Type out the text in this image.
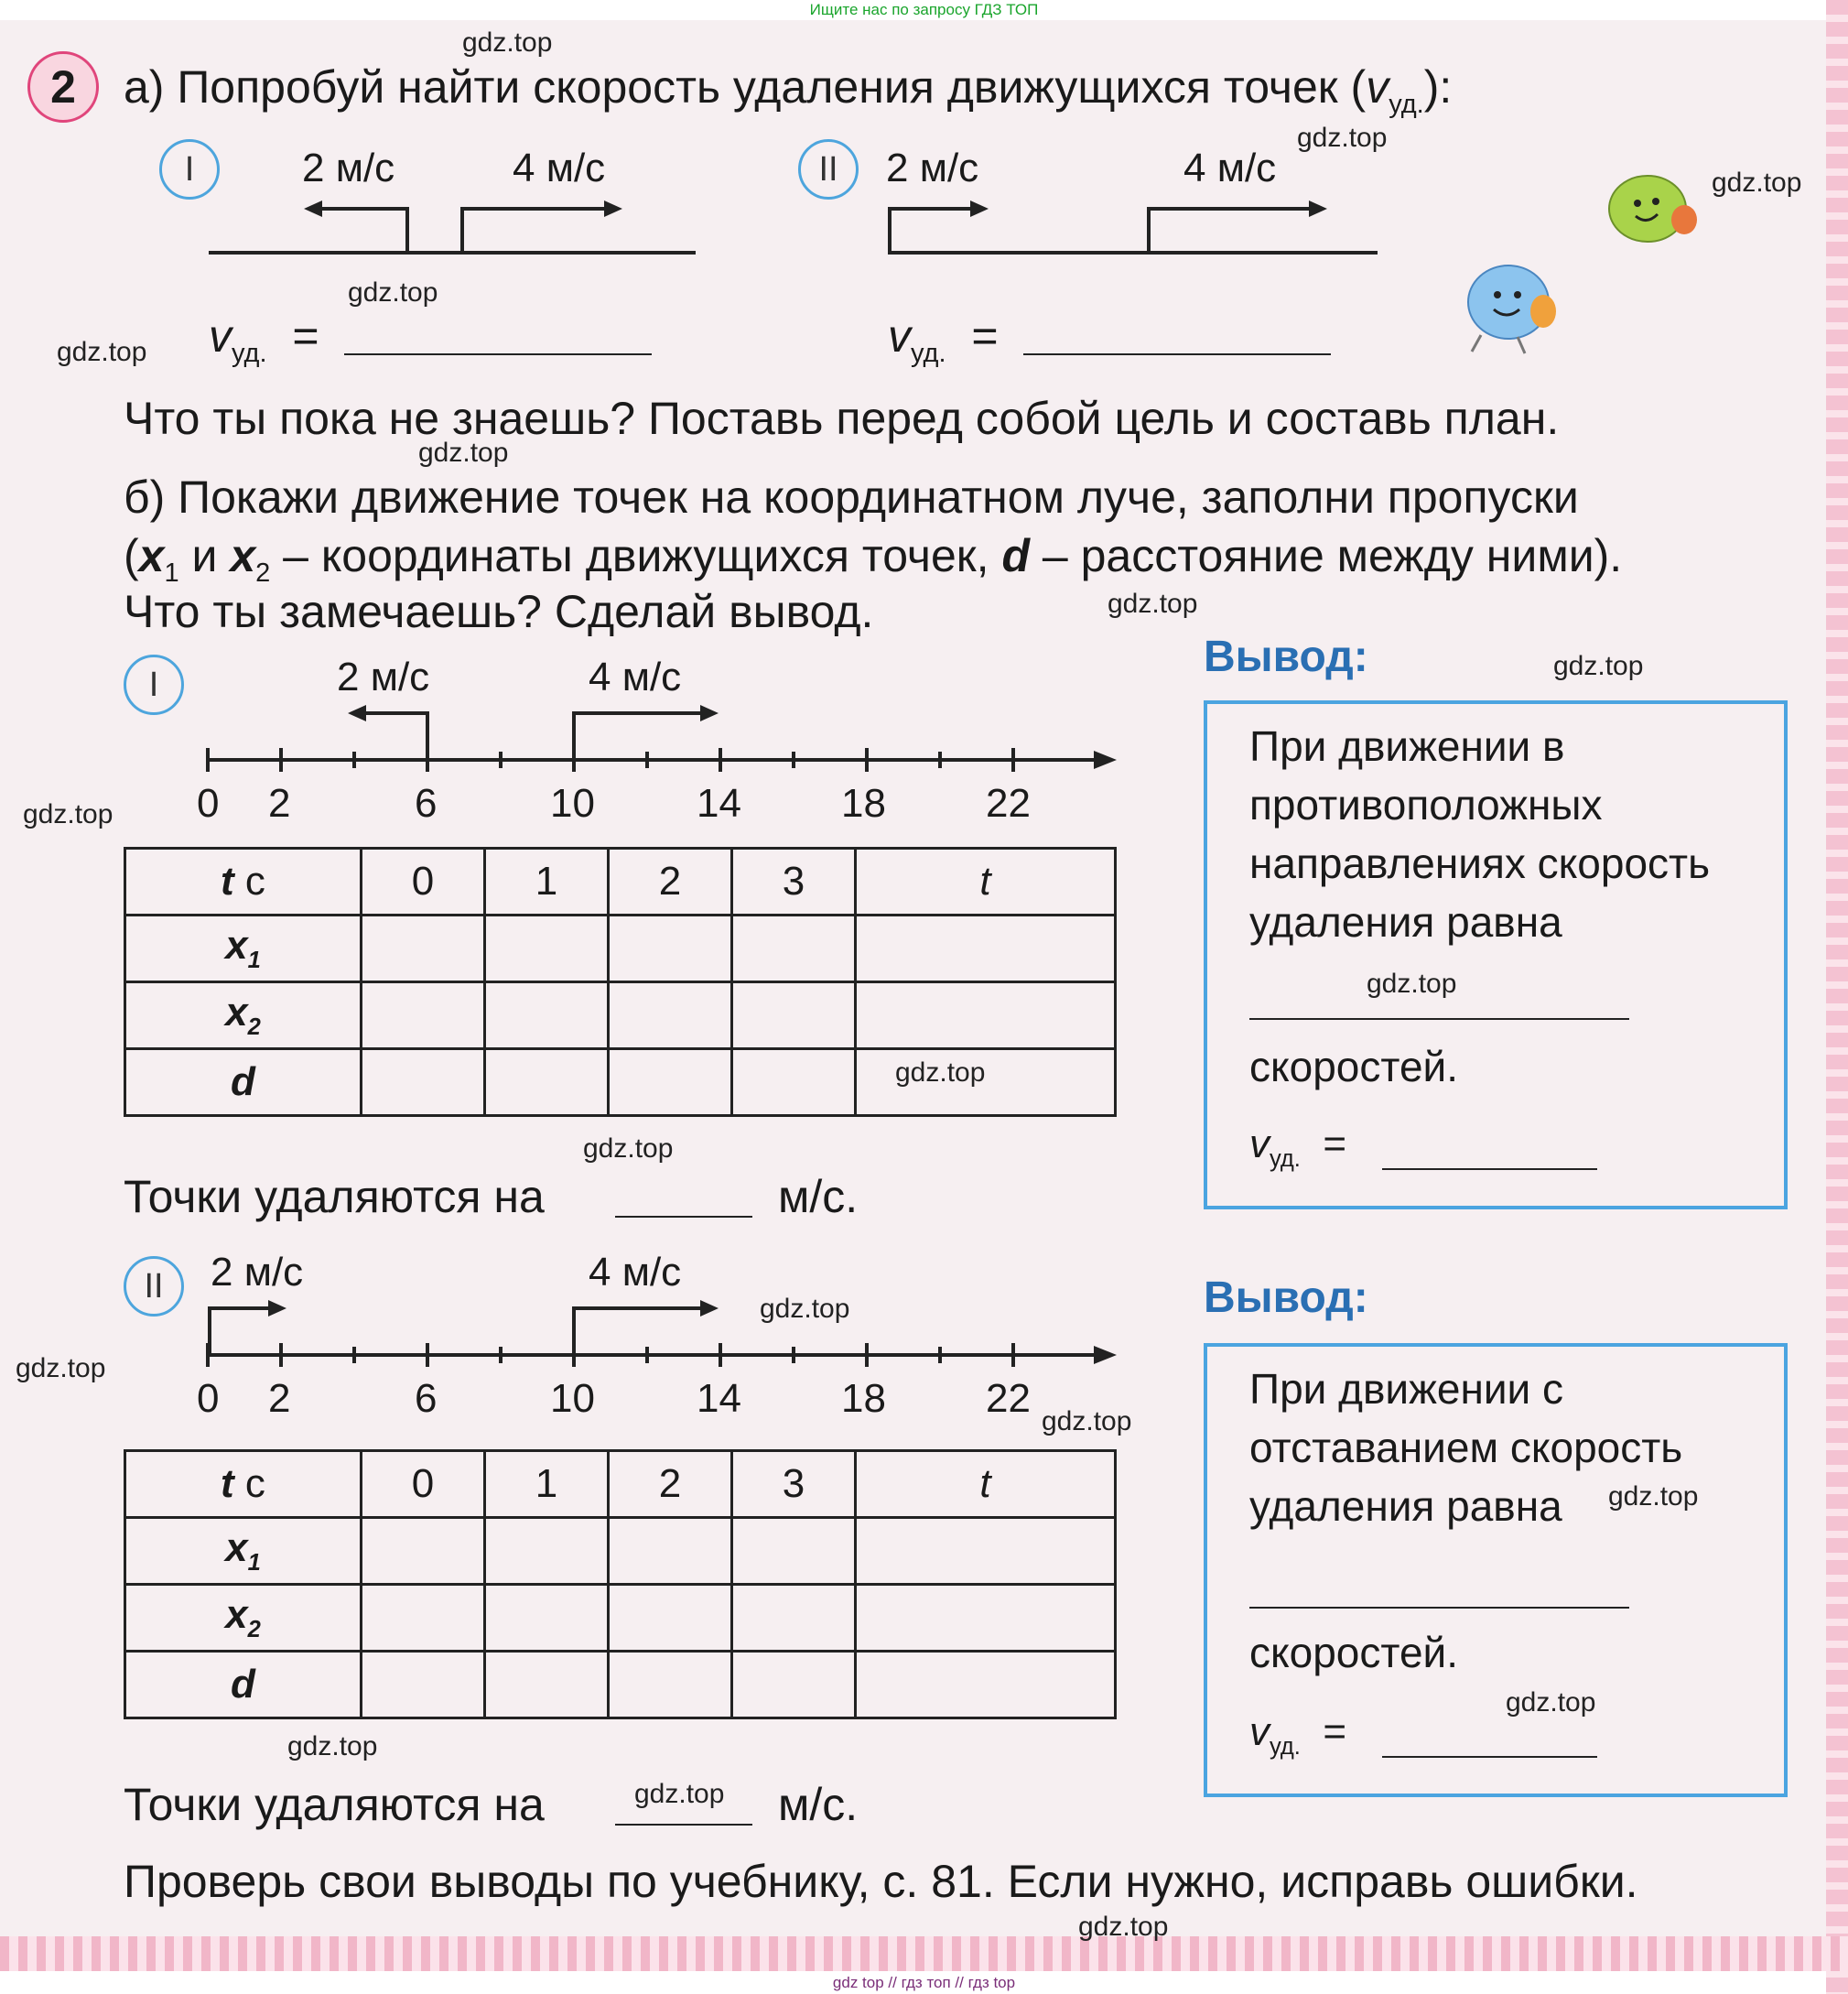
Ищите нас по запросу ГДЗ ТОП
2	а) Попробуй найти скорость удаления движущихся точек $(v_{уд.})$:
I	2 м/с	4 м/с	II	2 м/с	4 м/с
$v_{уд.}$ =	$v_{уд.}$ =
Что ты пока не знаешь? Поставь перед собой цель и составь план.
б) Покажи движение точек на координатном луче, заполни пропуски
($x_1$ и $x_2$ – координаты движущихся точек, d – расстояние между ними).
Что ты замечаешь? Сделай вывод.
I	2 м/с	4 м/с
0 2	6	10	14 18 22
t с	0	1	2	3	t
$x_1$					
$x_2$					
d					
Точки удаляются на	м/с.
II	2 м/с	4 м/с
0 2	6	10	14 18 22
t с	0	1	2	3	t
$x_1$					
$x_2$					
d					
Точки удаляются на	м/с.
Проверь свои выводы по учебнику, с. 81. Если нужно, исправь ошибки.
Вывод:
При движении в
противоположных
направлениях скорость
удаления равна
скоростей.
$v_{уд.}$ =
Вывод:
При движении с
отставанием скорость
удаления равна
скоростей.
$v_{уд.}$ =
gdz.top
gdz.top
gdz.top
gdz.top
gdz.top
gdz.top
gdz.top
gdz.top
gdz.top
gdz.top
gdz.top
gdz.top
gdz.top
gdz.top
gdz.top
gdz.top
gdz.top
gdz.top
gdz.top
gdz.top
gdz top // гдз топ // гдз top
